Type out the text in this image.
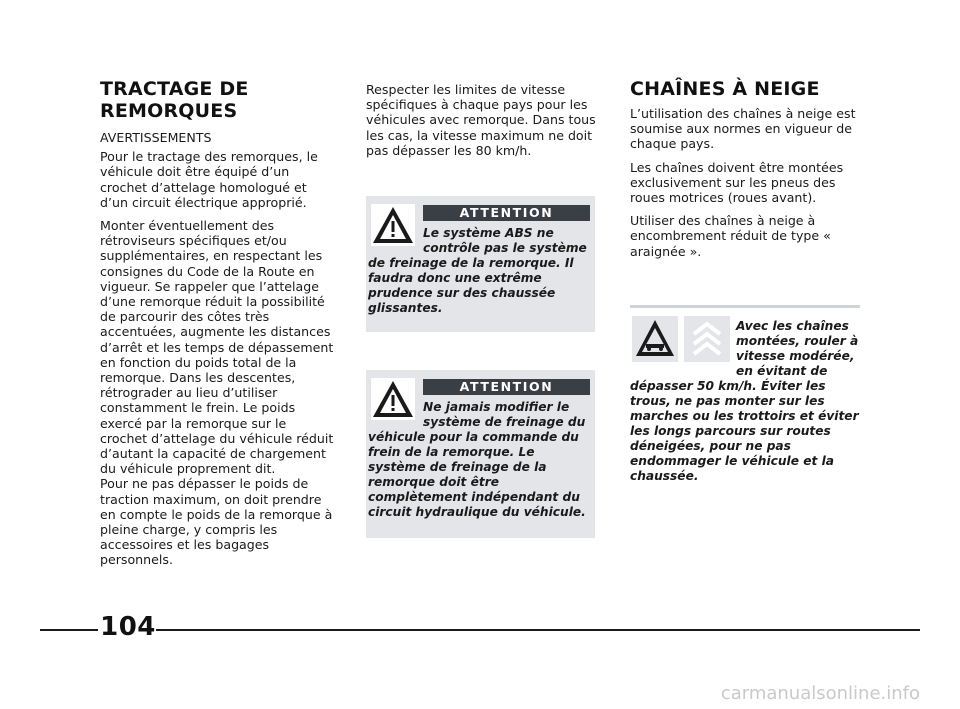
TRACTAGE DE REMORQUES

AVERTISSEMENTS

Pour le tractage des remorques, le véhicule doit être équipé d’un crochet d’attelage homologué et d’un circuit électrique approprié.

Monter éventuellement des rétroviseurs spécifiques et/ou supplémentaires, en respectant les consignes du Code de la Route en vigueur. Se rappeler que l’attelage d’une remorque réduit la possibilité de parcourir des côtes très accentuées, augmente les distances d’arrêt et les temps de dépassement en fonction du poids total de la remorque. Dans les descentes, rétrograder au lieu d’utiliser constamment le frein. Le poids exercé par la remorque sur le crochet d’attelage du véhicule réduit d’autant la capacité de chargement du véhicule proprement dit.

Pour ne pas dépasser le poids de traction maximum, on doit prendre en compte le poids de la remorque à pleine charge, y compris les accessoires et les bagages personnels.

Respecter les limites de vitesse spécifiques à chaque pays pour les véhicules avec remorque. Dans tous les cas, la vitesse maximum ne doit pas dépasser les 80 km/h.

ATTENTION

Le système ABS ne contrôle pas le système de freinage de la remorque. Il faudra donc une extrême prudence sur des chaussée glissantes.

ATTENTION

Ne jamais modifier le système de freinage du véhicule pour la commande du frein de la remorque. Le système de freinage de la remorque doit être complètement indépendant du circuit hydraulique du véhicule.

CHAÎNES À NEIGE

L’utilisation des chaînes à neige est soumise aux normes en vigueur de chaque pays.

Les chaînes doivent être montées exclusivement sur les pneus des roues motrices (roues avant).

Utiliser des chaînes à neige à encombrement réduit de type « araignée ».

Avec les chaînes montées, rouler à vitesse modérée, en évitant de dépasser 50 km/h. Éviter les trous, ne pas monter sur les marches ou les trottoirs et éviter les longs parcours sur routes déneigées, pour ne pas endommager le véhicule et la chaussée.

104
carmanualsonline.info
